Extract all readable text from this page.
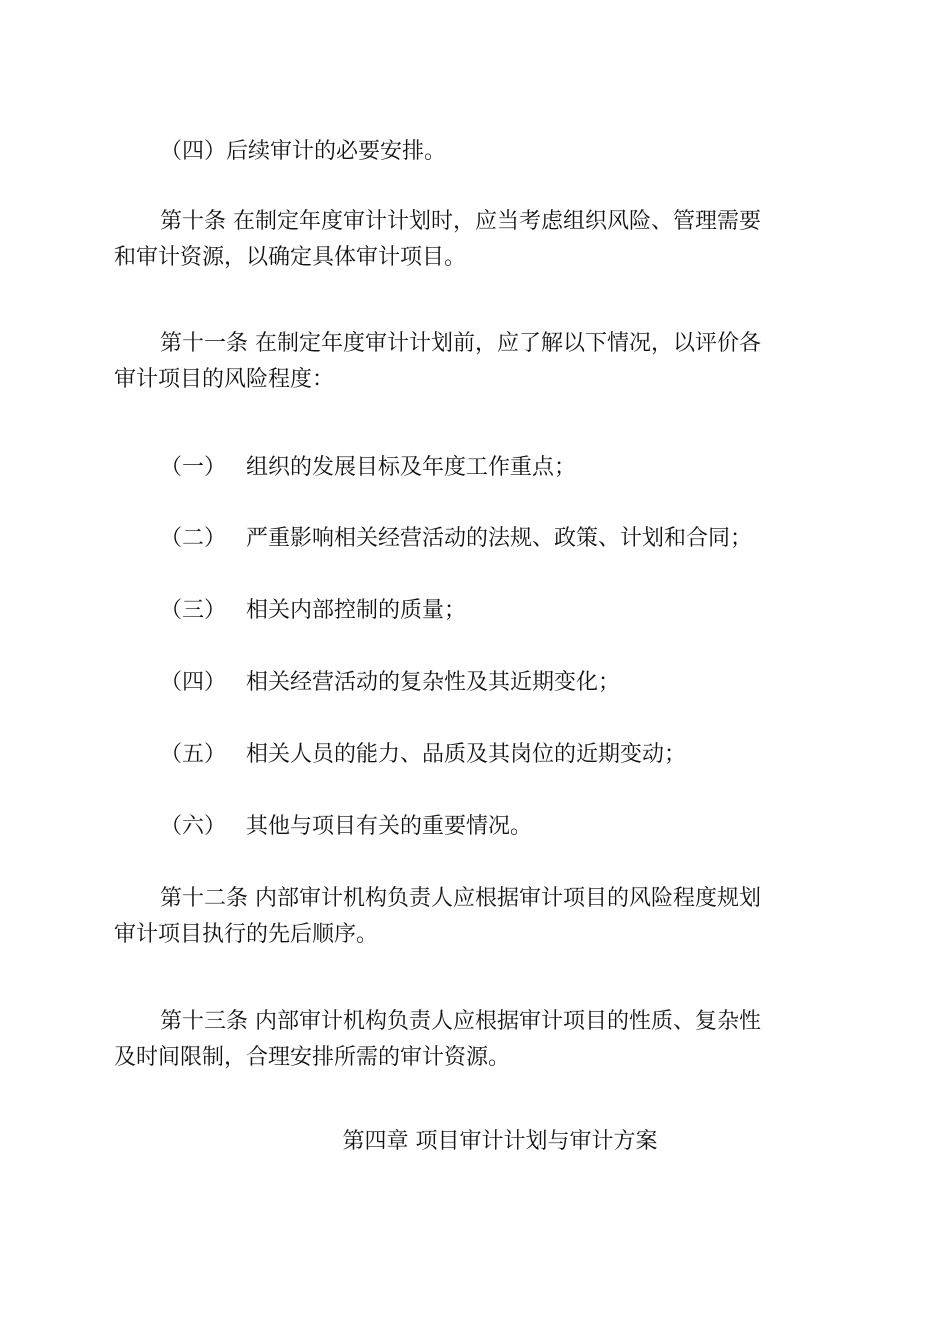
（四）后续审计的必要安排。

第十条 在制定年度审计计划时，应当考虑组织风险、管理需要
和审计资源，以确定具体审计项目。

第十一条 在制定年度审计计划前，应了解以下情况，以评价各
审计项目的风险程度：

（一） 组织的发展目标及年度工作重点；

（二） 严重影响相关经营活动的法规、政策、计划和合同；

（三） 相关内部控制的质量；

（四） 相关经营活动的复杂性及其近期变化；

（五） 相关人员的能力、品质及其岗位的近期变动；

（六） 其他与项目有关的重要情况。

第十二条 内部审计机构负责人应根据审计项目的风险程度规划
审计项目执行的先后顺序。

第十三条 内部审计机构负责人应根据审计项目的性质、复杂性
及时间限制，合理安排所需的审计资源。

第四章 项目审计计划与审计方案
